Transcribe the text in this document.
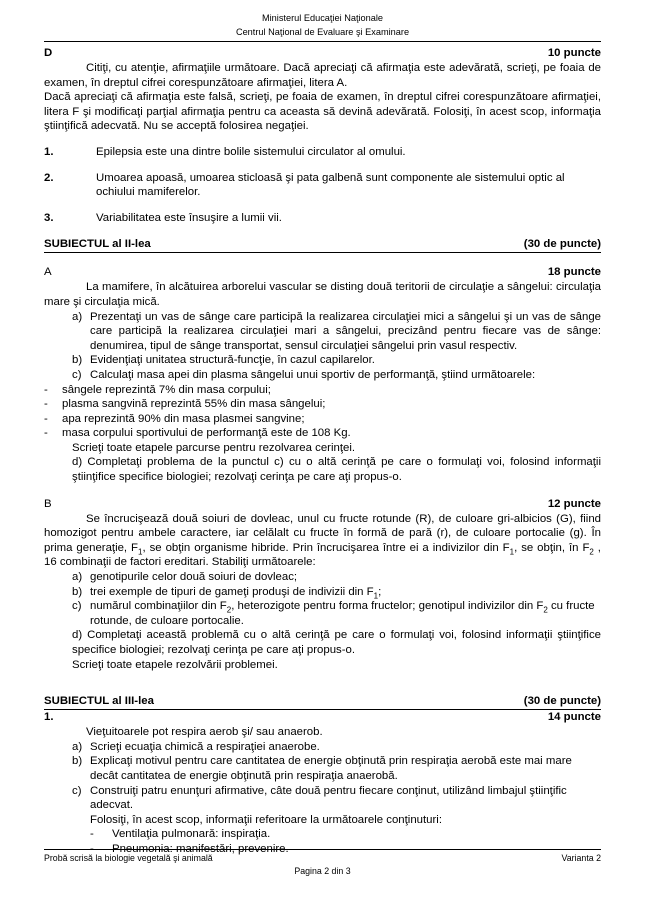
Ministerul Educaţiei Naţionale
Centrul Naţional de Evaluare şi Examinare
D	10 puncte

Citiţi, cu atenţie, afirmaţiile următoare. Dacă apreciaţi că afirmaţia este adevărată, scrieţi, pe foaia de examen, în dreptul cifrei corespunzătoare afirmaţiei, litera A.

Dacă apreciaţi că afirmaţia este falsă, scrieţi, pe foaia de examen, în dreptul cifrei corespunzătoare afirmaţiei, litera F şi modificaţi parţial afirmaţia pentru ca aceasta să devină adevărată. Folosiţi, în acest scop, informaţia ştiinţifică adecvată. Nu se acceptă folosirea negaţiei.

1.	Epilepsia este una dintre bolile sistemului circulator al omului.
2.	Umoarea apoasă, umoarea sticloasă şi pata galbenă sunt componente ale sistemului optic al ochiului mamiferelor.
3.	Variabilitatea este însuşire a lumii vii.
SUBIECTUL al II-lea	(30 de puncte)
A	18 puncte

La mamifere, în alcătuirea arborelui vascular se disting două teritorii de circulaţie a sângelui: circulaţia mare şi circulaţia mică.

a) Prezentaţi un vas de sânge care participă la realizarea circulaţiei mici a sângelui şi un vas de sânge care participă la realizarea circulaţiei mari a sângelui, precizând pentru fiecare vas de sânge: denumirea, tipul de sânge transportat, sensul circulaţiei sângelui prin vasul respectiv.
b) Evidenţiaţi unitatea structură-funcţie, în cazul capilarelor.
c) Calculaţi masa apei din plasma sângelui unui sportiv de performanţă, ştiind următoarele:
-	sângele reprezintă 7% din masa corpului;
-	plasma sangvină reprezintă 55% din masa sângelui;
-	apa reprezintă 90% din masa plasmei sangvine;
-	masa corpului sportivului de performanţă este de 108 Kg.
Scrieţi toate etapele parcurse pentru rezolvarea cerinţei.
d) Completaţi problema de la punctul c) cu o altă cerinţă pe care o formulaţi voi, folosind informaţii ştiinţifice specifice biologiei; rezolvaţi cerinţa pe care aţi propus-o.
B	12 puncte

Se încrucişează două soiuri de dovleac, unul cu fructe rotunde (R), de culoare gri-albicios (G), fiind homozigot pentru ambele caractere, iar celălalt cu fructe în formă de pară (r), de culoare portocalie (g). În prima generaţie, $F_1$, se obţin organisme hibride. Prin încrucişarea între ei a indivizilor din $F_1$, se obţin, în $F_2$ , 16 combinaţii de factori ereditari. Stabiliţi următoarele:

a) genotipurile celor două soiuri de dovleac;
b) trei exemple de tipuri de gameţi produşi de indivizii din $F_1$;
c) numărul combinaţiilor din $F_2$, heterozigote pentru forma fructelor; genotipul indivizilor din $F_2$ cu fructe rotunde, de culoare portocalie.
d) Completaţi această problemă cu o altă cerinţă pe care o formulaţi voi, folosind informaţii ştiinţifice specifice biologiei; rezolvaţi cerinţa pe care aţi propus-o.
Scrieţi toate etapele rezolvării problemei.
SUBIECTUL al III-lea	(30 de puncte)
1.	14 puncte
Vieţuitoarele pot respira aerob şi/ sau anaerob.
a) Scrieţi ecuaţia chimică a respiraţiei anaerobe.
b) Explicaţi motivul pentru care cantitatea de energie obţinută prin respiraţia aerobă este mai mare decât cantitatea de energie obţinută prin respiraţia anaerobă.
c) Construiţi patru enunţuri afirmative, câte două pentru fiecare conţinut, utilizând limbajul ştiinţific adecvat.
Folosiţi, în acest scop, informaţii referitoare la următoarele conţinuturi:
-	Ventilaţia pulmonară: inspiraţia.
-	Pneumonia: manifestări, prevenire.
Probă scrisă la biologie vegetală şi animală	Varianta 2
Pagina 2 din 3
